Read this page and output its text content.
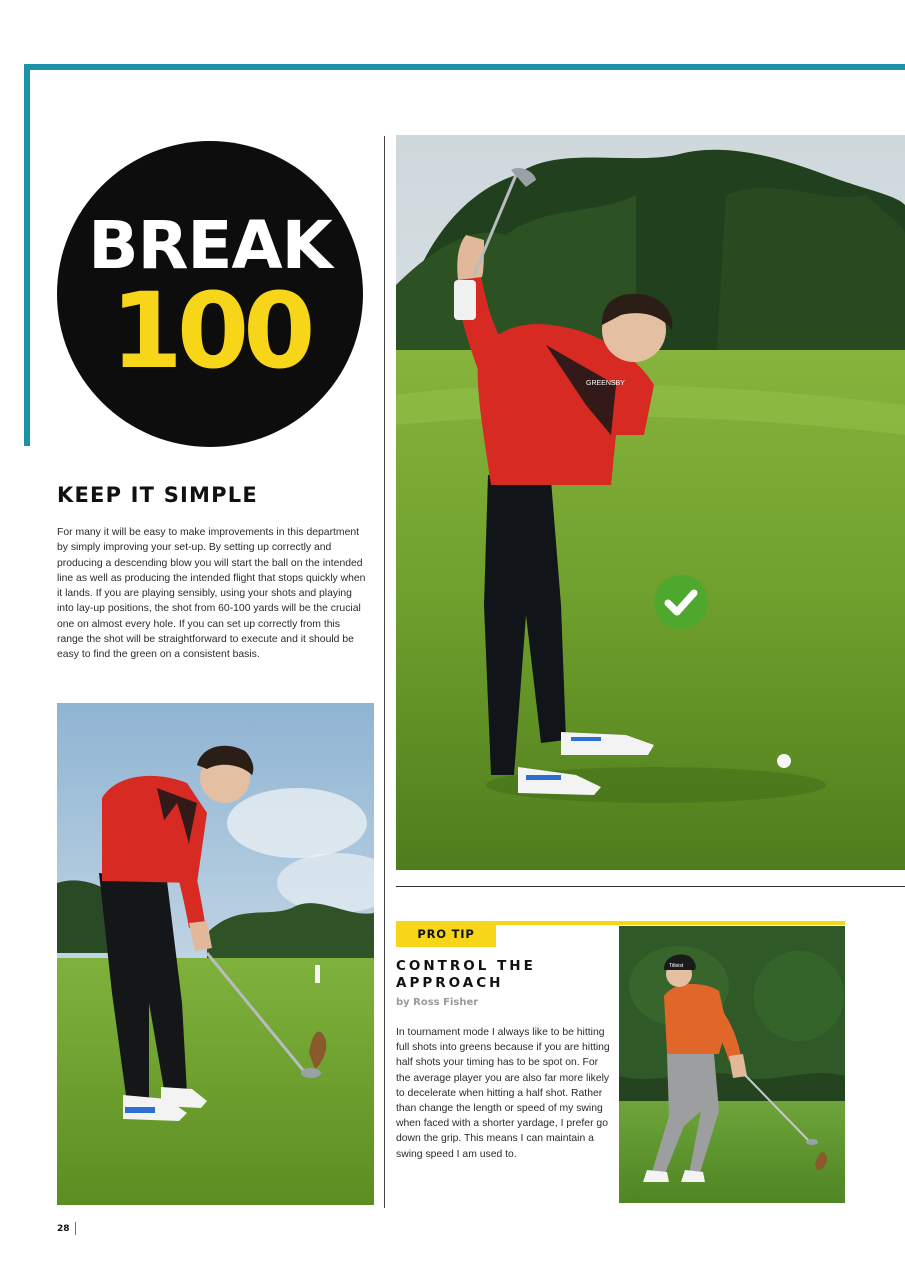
BREAK
100
KEEP IT SIMPLE

For many it will be easy to make improvements in this department by simply improving your set-up. By setting up correctly and producing a descending blow you will start the ball on the intended line as well as producing the intended flight that stops quickly when it lands. If you are playing sensibly, using your shots and playing into lay-up positions, the shot from 60-100 yards will be the crucial one on almost every hole. If you can set up correctly from this range the shot will be straightforward to execute and it should be easy to find the green on a consistent basis.

GREENSBY
PRO TIP
CONTROL THE APPROACH

by Ross Fisher

In tournament mode I always like to be hitting full shots into greens because if you are hitting half shots your timing has to be spot on. For the average player you are also far more likely to decelerate when hitting a half shot. Rather than change the length or speed of my swing when faced with a shorter yardage, I prefer go down the grip. This means I can maintain a swing speed I am used to.

Titleist
28
